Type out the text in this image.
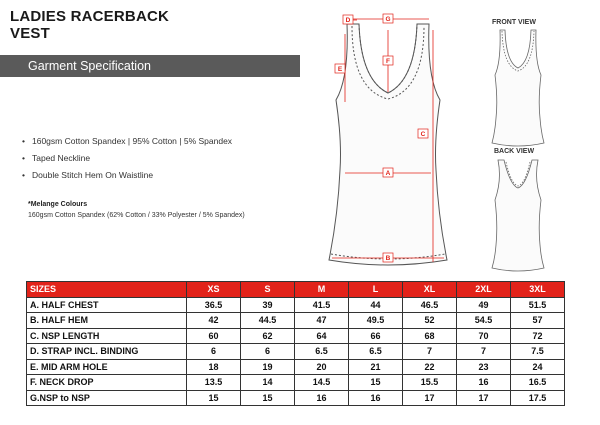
LADIES RACERBACK
VEST
Garment Specification
• 160gsm Cotton Spandex | 95% Cotton | 5% Spandex
• Taped Neckline
• Double Stitch Hem On Waistline
*Melange Colours
160gsm Cotton Spandex (62% Cotton / 33% Polyester / 5% Spandex)
FRONT VIEW
BACK VIEW
A
B
C
D
E
F
G
SIZES	XS	S	M	L	XL	2XL	3XL
A. HALF CHEST	36.5	39	41.5	44	46.5	49	51.5
B. HALF HEM	42	44.5	47	49.5	52	54.5	57
C. NSP LENGTH	60	62	64	66	68	70	72
D. STRAP INCL. BINDING	6	6	6.5	6.5	7	7	7.5
E. MID ARM HOLE	18	19	20	21	22	23	24
F. NECK DROP	13.5	14	14.5	15	15.5	16	16.5
G.NSP to NSP	15	15	16	16	17	17	17.5
